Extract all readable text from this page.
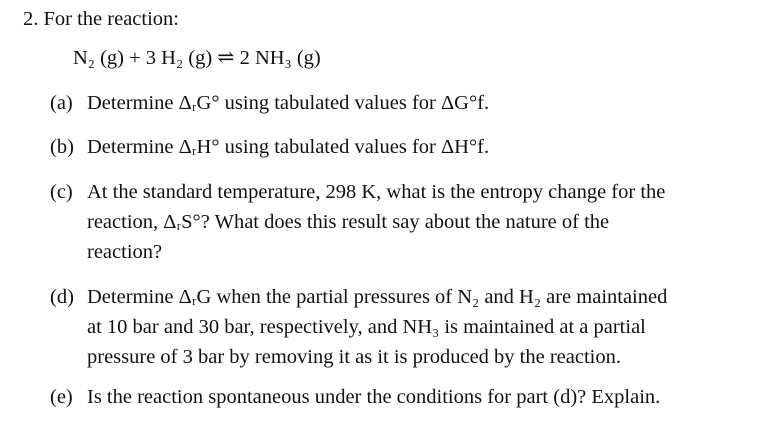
2. For the reaction:
N₂ (g) + 3 H₂ (g) ⇌ 2 NH₃ (g)
(a) Determine ΔᵣG° using tabulated values for ΔG°f.
(b) Determine ΔᵣH° using tabulated values for ΔH°f.
(c) At the standard temperature, 298 K, what is the entropy change for the
reaction, ΔᵣS°? What does this result say about the nature of the
reaction?
(d) Determine ΔᵣG when the partial pressures of N₂ and H₂ are maintained
at 10 bar and 30 bar, respectively, and NH₃ is maintained at a partial
pressure of 3 bar by removing it as it is produced by the reaction.
(e) Is the reaction spontaneous under the conditions for part (d)? Explain.
